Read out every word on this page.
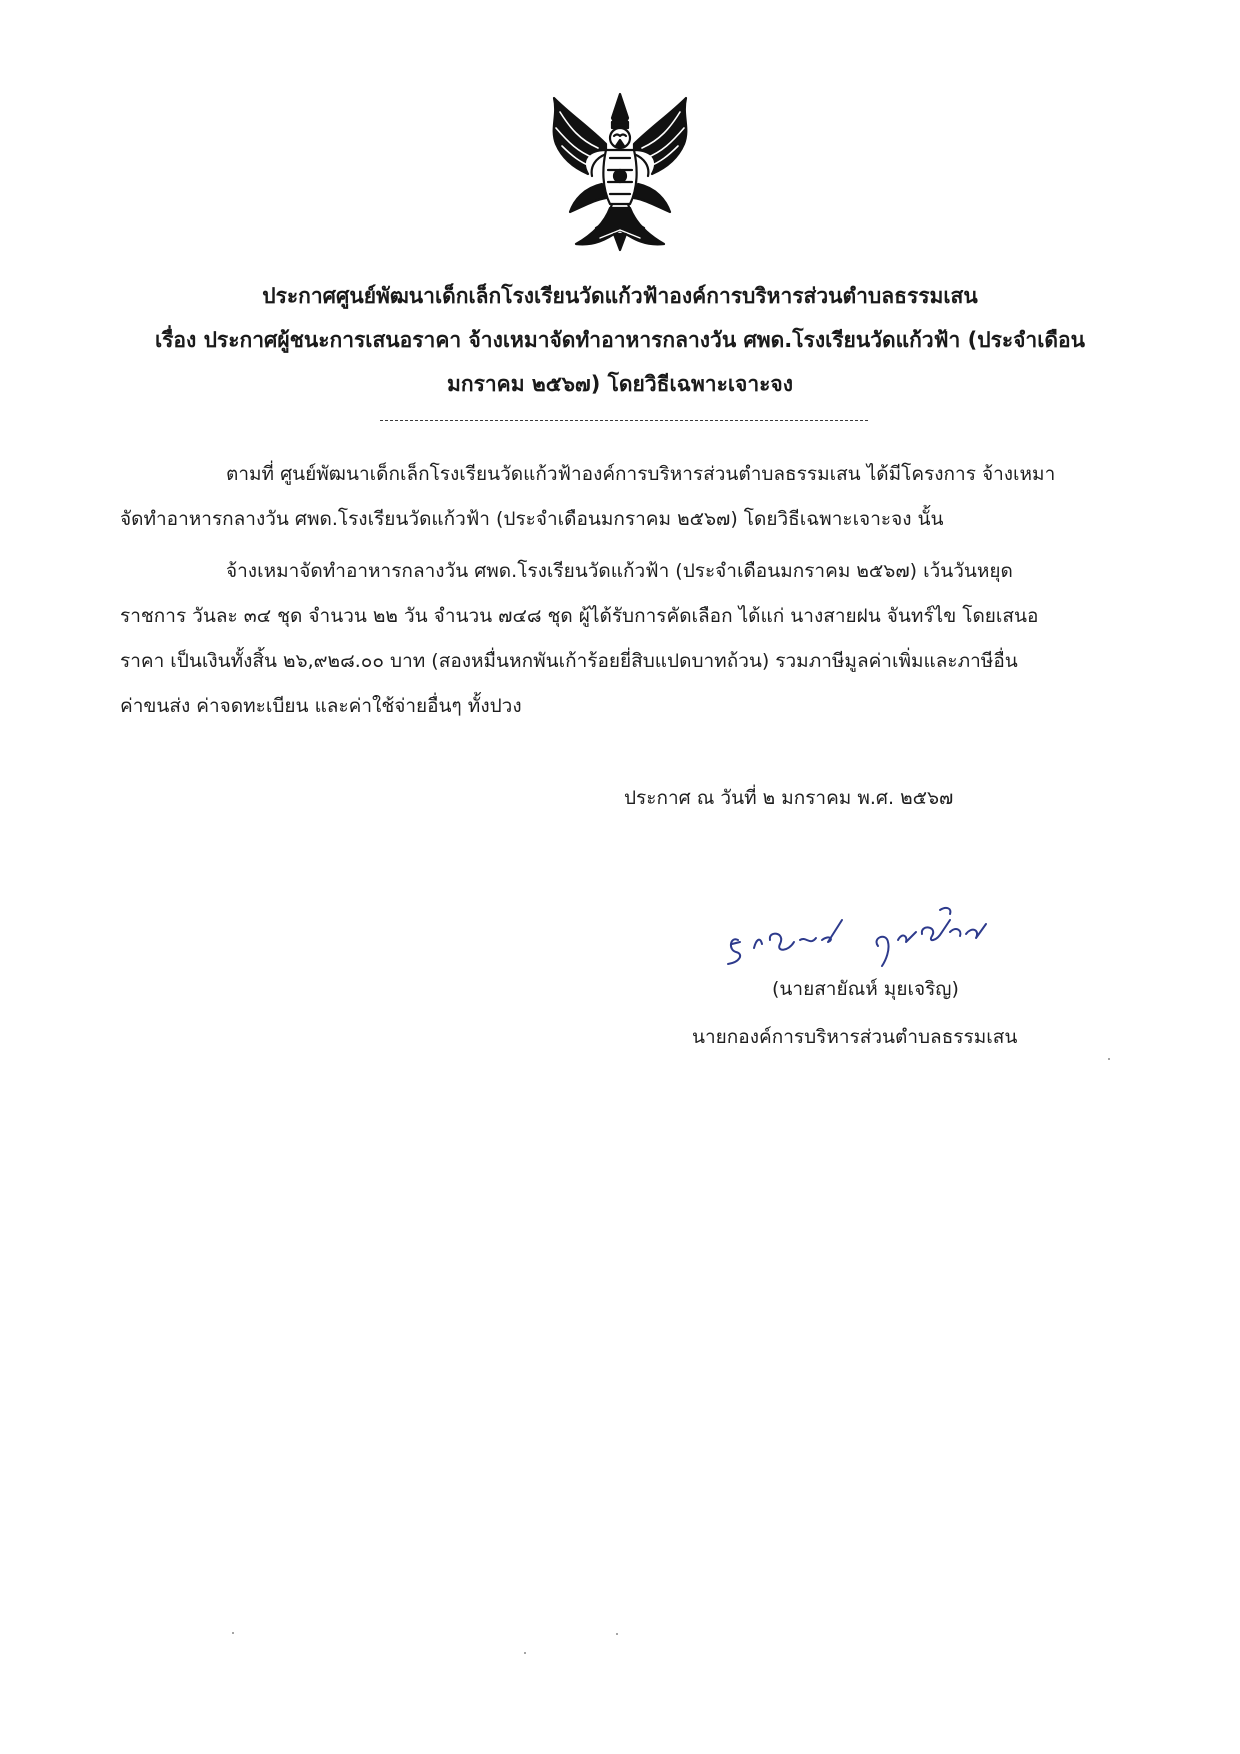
ประกาศศูนย์พัฒนาเด็กเล็กโรงเรียนวัดแก้วฟ้าองค์การบริหารส่วนตำบลธรรมเสน
เรื่อง ประกาศผู้ชนะการเสนอราคา จ้างเหมาจัดทำอาหารกลางวัน ศพด.โรงเรียนวัดแก้วฟ้า (ประจำเดือน
มกราคม ๒๕๖๗) โดยวิธีเฉพาะเจาะจง
ตามที่ ศูนย์พัฒนาเด็กเล็กโรงเรียนวัดแก้วฟ้าองค์การบริหารส่วนตำบลธรรมเสน ได้มีโครงการ จ้างเหมา
จัดทำอาหารกลางวัน ศพด.โรงเรียนวัดแก้วฟ้า (ประจำเดือนมกราคม ๒๕๖๗) โดยวิธีเฉพาะเจาะจง นั้น
จ้างเหมาจัดทำอาหารกลางวัน ศพด.โรงเรียนวัดแก้วฟ้า (ประจำเดือนมกราคม ๒๕๖๗) เว้นวันหยุด
ราชการ วันละ ๓๔ ชุด จำนวน ๒๒ วัน จำนวน ๗๔๘ ชุด ผู้ได้รับการคัดเลือก ได้แก่ นางสายฝน จันทร์ไข โดยเสนอ
ราคา เป็นเงินทั้งสิ้น ๒๖,๙๒๘.๐๐ บาท (สองหมื่นหกพันเก้าร้อยยี่สิบแปดบาทถ้วน) รวมภาษีมูลค่าเพิ่มและภาษีอื่น
ค่าขนส่ง ค่าจดทะเบียน และค่าใช้จ่ายอื่นๆ ทั้งปวง
ประกาศ ณ วันที่ ๒ มกราคม พ.ศ. ๒๕๖๗
(นายสายัณห์ มุยเจริญ)
นายกองค์การบริหารส่วนตำบลธรรมเสน
